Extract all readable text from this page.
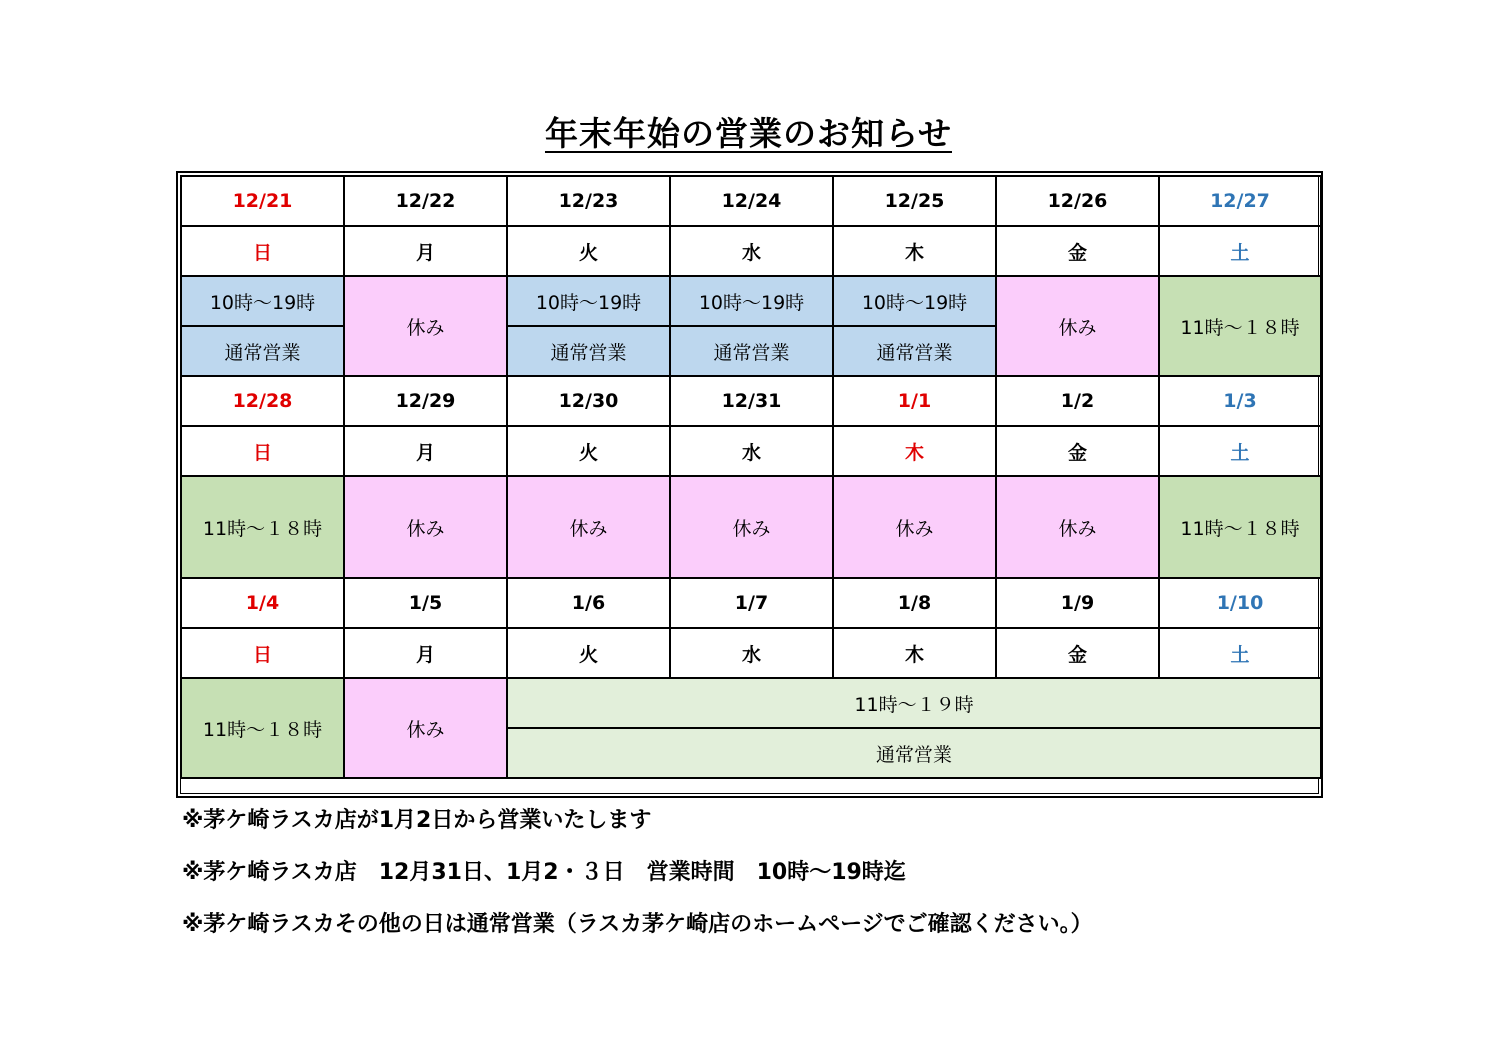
年末年始の営業のお知らせ
12/21	12/22	12/23	12/24	12/25	12/26	12/27
日	月	火	水	木	金	土
10時～19時	休み	10時～19時	10時～19時	10時～19時	休み	11時～１８時
通常営業		通常営業	通常営業	通常営業		
12/28	12/29	12/30	12/31	1/1	1/2	1/3
日	月	火	水	木	金	土
11時～１８時	休み	休み	休み	休み	休み	11時～１８時
1/4	1/5	1/6	1/7	1/8	1/9	1/10
日	月	火	水	木	金	土
11時～１８時	休み	11時～１９時				
		通常営業				
※茅ケ崎ラスカ店が1月2日から営業いたします
※茅ケ崎ラスカ店　12月31日、1月2・３日　営業時間　10時～19時迄
※茅ケ崎ラスカその他の日は通常営業（ラスカ茅ケ崎店のホームページでご確認ください。）
